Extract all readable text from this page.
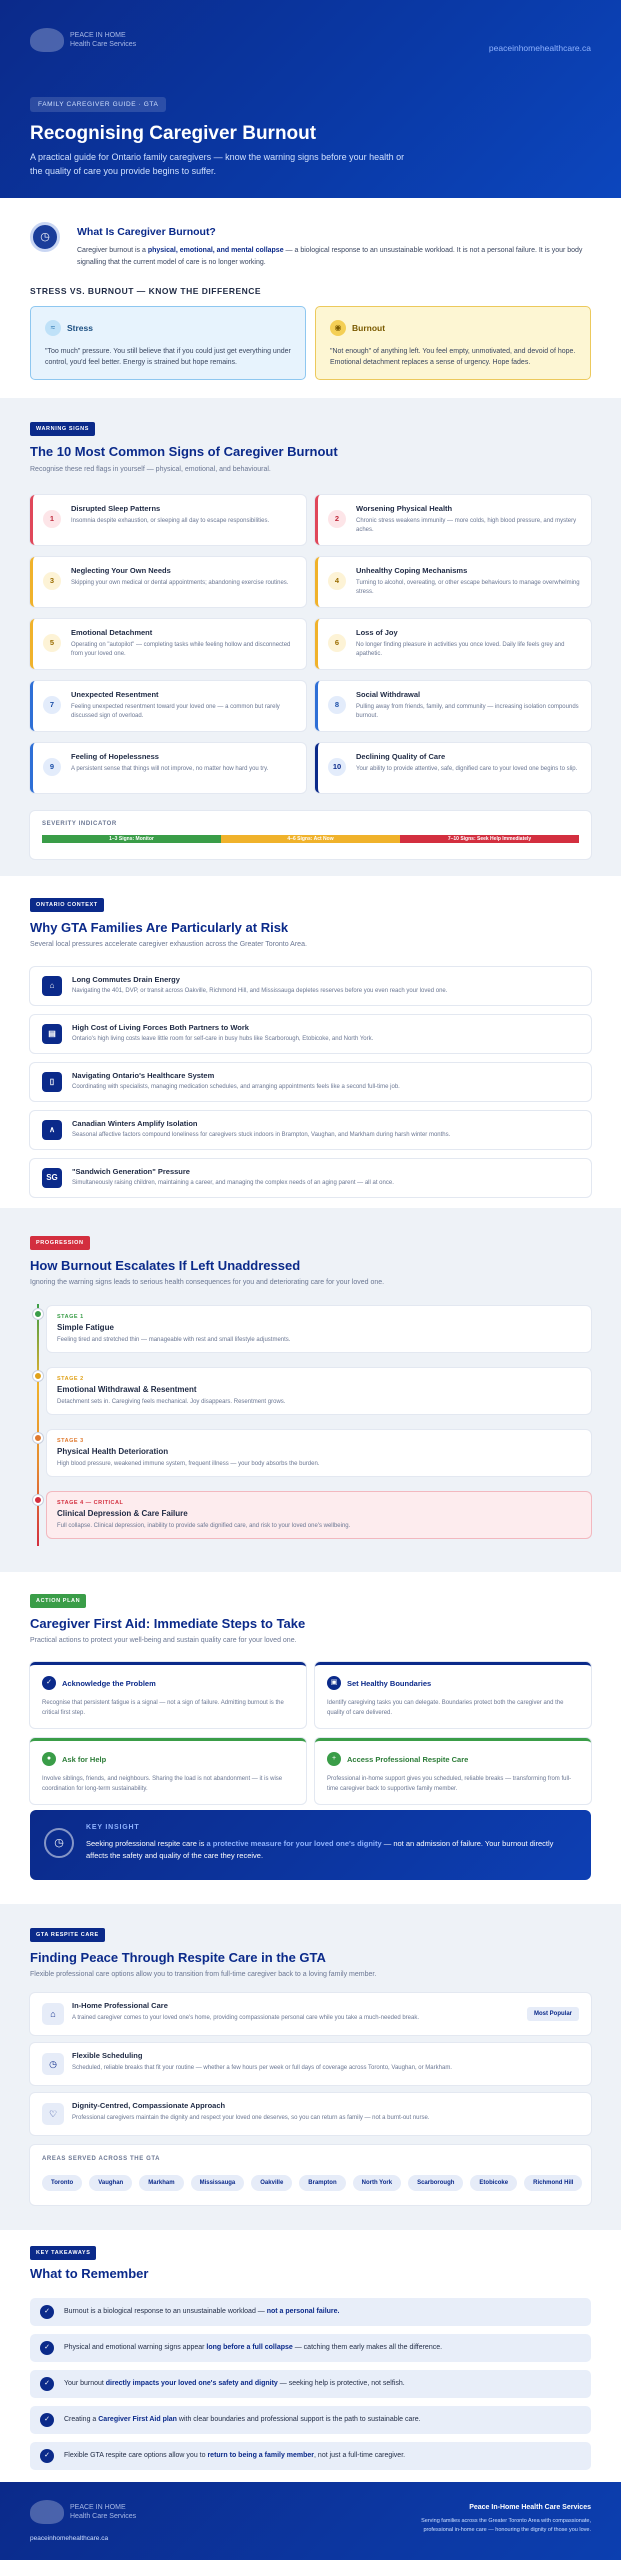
PEACE IN HOME
Health Care Services	peaceinhomehealthcare.ca
FAMILY CAREGIVER GUIDE · GTA
Recognising Caregiver Burnout
A practical guide for Ontario family caregivers — know the warning signs before your health or the quality of care you provide begins to suffer.
◷	What Is Caregiver Burnout?
Caregiver burnout is a physical, emotional, and mental collapse — a biological response to an unsustainable workload. It is not a personal failure. It is your body signalling that the current model of care is no longer working.
STRESS VS. BURNOUT — KNOW THE DIFFERENCE
≈ Stress
"Too much" pressure. You still believe that if you could just get everything under control, you'd feel better. Energy is strained but hope remains.
◉ Burnout
"Not enough" of anything left. You feel empty, unmotivated, and devoid of hope. Emotional detachment replaces a sense of urgency. Hope fades.
WARNING SIGNS
The 10 Most Common Signs of Caregiver Burnout
Recognise these red flags in yourself — physical, emotional, and behavioural.
1
Disrupted Sleep Patterns
Insomnia despite exhaustion, or sleeping all day to escape responsibilities.	2
Worsening Physical Health
Chronic stress weakens immunity — more colds, high blood pressure, and mystery aches.
3
Neglecting Your Own Needs
Skipping your own medical or dental appointments; abandoning exercise routines.	4
Unhealthy Coping Mechanisms
Turning to alcohol, overeating, or other escape behaviours to manage overwhelming stress.
5
Emotional Detachment
Operating on "autopilot" — completing tasks while feeling hollow and disconnected from your loved one.
6
Loss of Joy
No longer finding pleasure in activities you once loved. Daily life feels grey and apathetic.
7
Unexpected Resentment
Feeling unexpected resentment toward your loved one — a common but rarely discussed sign of overload.
8
Social Withdrawal
Pulling away from friends, family, and community — increasing isolation compounds burnout.
9
Feeling of Hopelessness
A persistent sense that things will not improve, no matter how hard you try.	10
Declining Quality of Care
Your ability to provide attentive, safe, dignified care to your loved one begins to slip.
SEVERITY INDICATOR
1–3 Signs: Monitor	4–6 Signs: Act Now	7–10 Signs: Seek Help Immediately
ONTARIO CONTEXT
Why GTA Families Are Particularly at Risk
Several local pressures accelerate caregiver exhaustion across the Greater Toronto Area.
⌂
Long Commutes Drain Energy
Navigating the 401, DVP, or transit across Oakville, Richmond Hill, and Mississauga depletes reserves before you even reach your loved one.
▤
High Cost of Living Forces Both Partners to Work
Ontario's high living costs leave little room for self-care in busy hubs like Scarborough, Etobicoke, and North York.
▯
Navigating Ontario's Healthcare System
Coordinating with specialists, managing medication schedules, and arranging appointments feels like a second full-time job.
∧
Canadian Winters Amplify Isolation
Seasonal affective factors compound loneliness for caregivers stuck indoors in Brampton, Vaughan, and Markham during harsh winter months.
SG
"Sandwich Generation" Pressure
Simultaneously raising children, maintaining a career, and managing the complex needs of an aging parent — all at once.
PROGRESSION
How Burnout Escalates If Left Unaddressed
Ignoring the warning signs leads to serious health consequences for you and deteriorating care for your loved one.
STAGE 1
Simple Fatigue
Feeling tired and stretched thin — manageable with rest and small lifestyle adjustments.
STAGE 2
Emotional Withdrawal & Resentment
Detachment sets in. Caregiving feels mechanical. Joy disappears. Resentment grows.
STAGE 3
Physical Health Deterioration
High blood pressure, weakened immune system, frequent illness — your body absorbs the burden.
STAGE 4 — CRITICAL
Clinical Depression & Care Failure
Full collapse. Clinical depression, inability to provide safe dignified care, and risk to your loved one's wellbeing.
ACTION PLAN
Caregiver First Aid: Immediate Steps to Take
Practical actions to protect your well-being and sustain quality care for your loved one.
✓ Acknowledge the Problem
Recognise that persistent fatigue is a signal — not a sign of failure. Admitting burnout is the critical first step.
▣ Set Healthy Boundaries
Identify caregiving tasks you can delegate. Boundaries protect both the caregiver and the quality of care delivered.
● Ask for Help
Involve siblings, friends, and neighbours. Sharing the load is not abandonment — it is wise coordination for long-term sustainability.
+ Access Professional Respite Care
Professional in-home support gives you scheduled, reliable breaks — transforming from full-time caregiver back to supportive family member.
◷
KEY INSIGHT
Seeking professional respite care is a protective measure for your loved one's dignity — not an admission of failure. Your burnout directly affects the safety and quality of the care they receive.
GTA RESPITE CARE
Finding Peace Through Respite Care in the GTA
Flexible professional care options allow you to transition from full-time caregiver back to a loving family member.
⌂
In-Home Professional Care
A trained caregiver comes to your loved one's home, providing compassionate personal care while you take a much-needed break.
Most Popular
◷
Flexible Scheduling
Scheduled, reliable breaks that fit your routine — whether a few hours per week or full days of coverage across Toronto, Vaughan, or Markham.
♡
Dignity-Centred, Compassionate Approach
Professional caregivers maintain the dignity and respect your loved one deserves, so you can return as family — not a burnt-out nurse.
AREAS SERVED ACROSS THE GTA
Toronto	Vaughan	Markham	Mississauga	Oakville	Brampton	North York	Scarborough	Etobicoke	Richmond Hill
KEY TAKEAWAYS
What to Remember
✓	Burnout is a biological response to an unsustainable workload — not a personal failure.
✓	Physical and emotional warning signs appear long before a full collapse — catching them early makes all the difference.
✓	Your burnout directly impacts your loved one's safety and dignity — seeking help is protective, not selfish.
✓	Creating a Caregiver First Aid plan with clear boundaries and professional support is the path to sustainable care.
✓	Flexible GTA respite care options allow you to return to being a family member, not just a full-time caregiver.
PEACE IN HOME
Health Care Services
peaceinhomehealthcare.ca
Peace In-Home Health Care Services
Serving families across the Greater Toronto Area with compassionate, professional in-home care — honouring the dignity of those you love.
